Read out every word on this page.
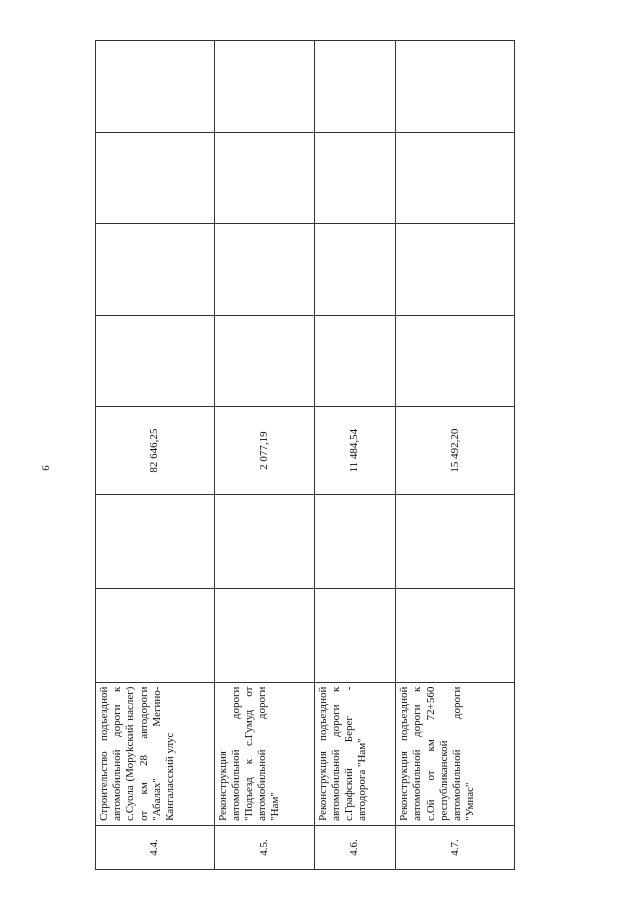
9
4.4.	Строительство подъездной автомобильной дороги к с.Суола (Моруkский наслег) от км 28 автодороги "Абалах" Мегино-Кангаласский улус			82 646,25				
4.5.	Реконструкция автомобильной дороги "Подъезд к с.Гумуд от автомобильной дороги "Нам"			2 077,19				
4.6.	Реконструкция подъездной автомобильной дороги к с.Графский Берег - автодорога "Нам"			11 484,54				
4.7.	Реконструкция подъездной автомобильной дороги к с.Ой от км 72+560 республиканской автомобильной дороги "Умнас"			15 492,20				
